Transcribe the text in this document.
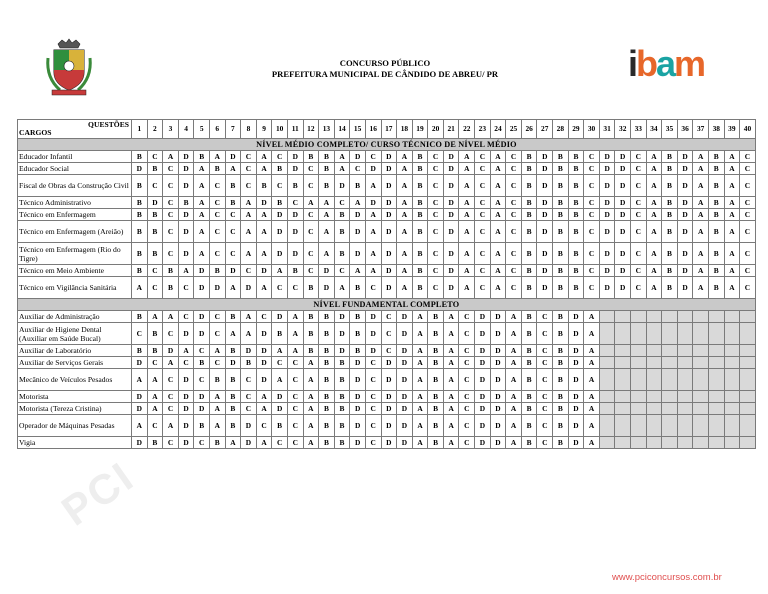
CONCURSO PÚBLICO
PREFEITURA MUNICIPAL DE CÂNDIDO DE ABREU/ PR	i b a m
PCI
QUESTÕES
CARGOS	1	2	3	4	5	6	7	8	9	10	11	12	13	14	15	16	17	18	19	20	21	22	23	24	25	26	27	28	29	30	31	32	33	34	35	36	37	38	39	40
NÍVEL MÉDIO COMPLETO/ CURSO TÉCNICO DE NÍVEL MÉDIO																																								
Educador Infantil	B	C	A	D	B	A	D	C	A	C	D	B	B	A	D	C	D	A	B	C	D	A	C	A	C	B	D	B	B	C	D	D	C	A	B	D	A	B	A	C
Educador Social	D	B	C	D	A	B	A	C	A	B	D	C	B	A	C	D	D	A	B	C	D	A	C	A	C	B	D	B	B	C	D	D	C	A	B	D	A	B	A	C
Fiscal de Obras da Construção Civil	B	C	C	D	A	C	B	C	B	C	B	C	B	D	B	A	D	A	B	C	D	A	C	A	C	B	D	B	B	C	D	D	C	A	B	D	A	B	A	C
Técnico Administrativo	B	D	C	B	A	C	B	A	D	B	C	A	A	C	A	D	D	A	B	C	D	A	C	A	C	B	D	B	B	C	D	D	C	A	B	D	A	B	A	C
Técnico em Enfermagem	B	B	C	D	A	C	C	A	A	D	D	C	A	B	D	A	D	A	B	C	D	A	C	A	C	B	D	B	B	C	D	D	C	A	B	D	A	B	A	C
Técnico em Enfermagem (Areião)	B	B	C	D	A	C	C	A	A	D	D	C	A	B	D	A	D	A	B	C	D	A	C	A	C	B	D	B	B	C	D	D	C	A	B	D	A	B	A	C
Técnico em Enfermagem (Rio do Tigre)	B	B	C	D	A	C	C	A	A	D	D	C	A	B	D	A	D	A	B	C	D	A	C	A	C	B	D	B	B	C	D	D	C	A	B	D	A	B	A	C
Técnico em Meio Ambiente	B	C	B	A	D	B	D	C	D	A	B	C	D	C	A	A	D	A	B	C	D	A	C	A	C	B	D	B	B	C	D	D	C	A	B	D	A	B	A	C
Técnico em Vigilância Sanitária	A	C	B	C	D	D	A	D	A	C	C	B	D	A	B	C	D	A	B	C	D	A	C	A	C	B	D	B	B	C	D	D	C	A	B	D	A	B	A	C
NÍVEL FUNDAMENTAL COMPLETO																																								
Auxiliar de Administração	B	A	A	C	D	C	B	A	C	D	A	B	B	D	B	D	C	D	A	B	A	C	D	D	A	B	C	B	D	A										
Auxiliar de Higiene Dental (Auxiliar em Saúde Bucal)	C	B	C	D	D	C	A	A	D	B	A	B	B	D	B	D	C	D	A	B	A	C	D	D	A	B	C	B	D	A										
Auxiliar de Laboratório	B	B	D	A	C	A	B	D	D	A	A	B	B	D	B	D	C	D	A	B	A	C	D	D	A	B	C	B	D	A										
Auxiliar de Serviços Gerais	D	C	A	C	B	C	D	B	D	C	C	A	B	B	D	C	D	D	A	B	A	C	D	D	A	B	C	B	D	A										
Mecânico de Veículos Pesados	A	A	C	D	C	B	B	C	D	A	C	A	B	B	D	C	D	D	A	B	A	C	D	D	A	B	C	B	D	A										
Motorista	D	A	C	D	D	A	B	C	A	D	C	A	B	B	D	C	D	D	A	B	A	C	D	D	A	B	C	B	D	A										
Motorista (Tereza Cristina)	D	A	C	D	D	A	B	C	A	D	C	A	B	B	D	C	D	D	A	B	A	C	D	D	A	B	C	B	D	A										
Operador de Máquinas Pesadas	A	C	A	D	B	A	B	D	C	B	C	A	B	B	D	C	D	D	A	B	A	C	D	D	A	B	C	B	D	A										
Vigia	D	B	C	D	C	B	A	D	A	C	C	A	B	B	D	C	D	D	A	B	A	C	D	D	A	B	C	B	D	A										
www.pciconcursos.com.br
